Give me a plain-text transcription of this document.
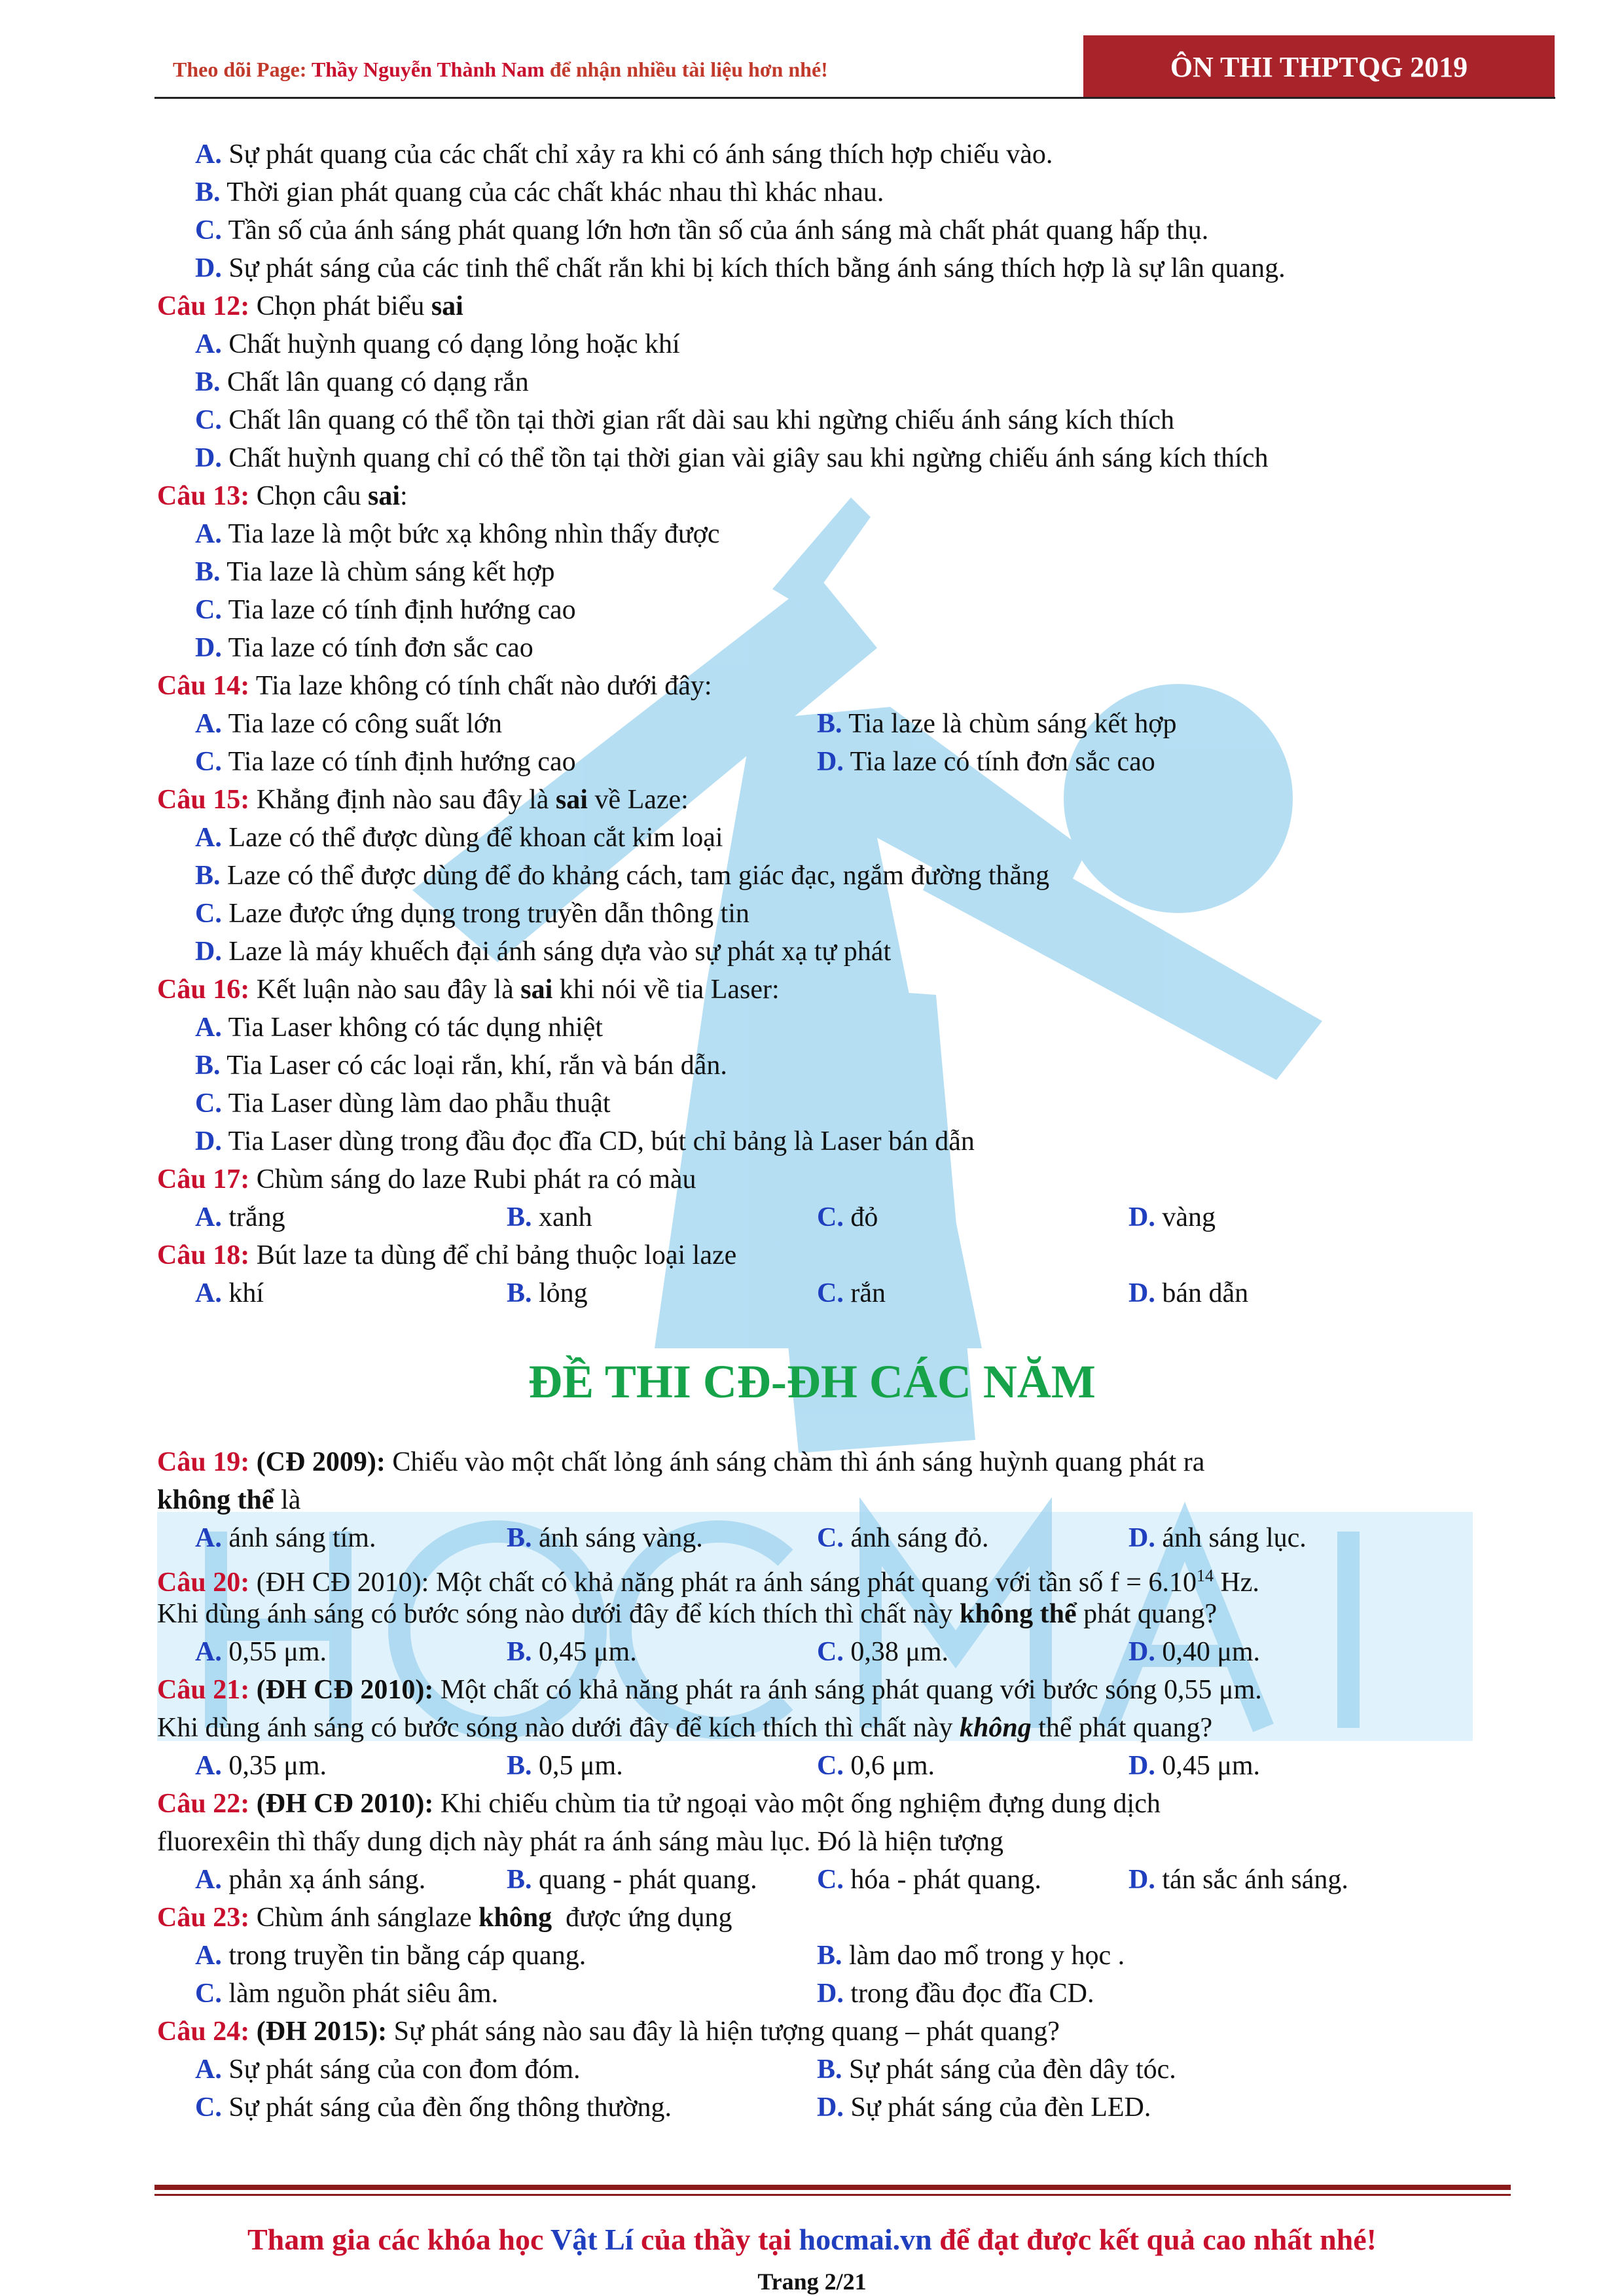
Theo dõi Page: Thầy Nguyễn Thành Nam để nhận nhiều tài liệu hơn nhé!	ÔN THI THPTQG 2019
A. Sự phát quang của các chất chỉ xảy ra khi có ánh sáng thích hợp chiếu vào.
B. Thời gian phát quang của các chất khác nhau thì khác nhau.
C. Tần số của ánh sáng phát quang lớn hơn tần số của ánh sáng mà chất phát quang hấp thụ.
D. Sự phát sáng của các tinh thể chất rắn khi bị kích thích bằng ánh sáng thích hợp là sự lân quang.
Câu 12: Chọn phát biểu sai
A. Chất huỳnh quang có dạng lỏng hoặc khí
B. Chất lân quang có dạng rắn
C. Chất lân quang có thể tồn tại thời gian rất dài sau khi ngừng chiếu ánh sáng kích thích
D. Chất huỳnh quang chỉ có thể tồn tại thời gian vài giây sau khi ngừng chiếu ánh sáng kích thích
Câu 13: Chọn câu sai:
A. Tia laze là một bức xạ không nhìn thấy được
B. Tia laze là chùm sáng kết hợp
C. Tia laze có tính định hướng cao
D. Tia laze có tính đơn sắc cao
Câu 14: Tia laze không có tính chất nào dưới đây:
A. Tia laze có công suất lớn	B. Tia laze là chùm sáng kết hợp
C. Tia laze có tính định hướng cao	D. Tia laze có tính đơn sắc cao
Câu 15: Khẳng định nào sau đây là sai về Laze:
A. Laze có thể được dùng để khoan cắt kim loại
B. Laze có thể được dùng để đo khảng cách, tam giác đạc, ngắm đường thẳng
C. Laze được ứng dụng trong truyền dẫn thông tin
D. Laze là máy khuếch đại ánh sáng dựa vào sự phát xạ tự phát
Câu 16: Kết luận nào sau đây là sai khi nói về tia Laser:
A. Tia Laser không có tác dụng nhiệt
B. Tia Laser có các loại rắn, khí, rắn và bán dẫn.
C. Tia Laser dùng làm dao phẫu thuật
D. Tia Laser dùng trong đầu đọc đĩa CD, bút chỉ bảng là Laser bán dẫn
Câu 17: Chùm sáng do laze Rubi phát ra có màu
A. trắng	B. xanh	C. đỏ	D. vàng
Câu 18: Bút laze ta dùng để chỉ bảng thuộc loại laze
A. khí	B. lỏng	C. rắn	D. bán dẫn
ĐỀ THI CĐ-ĐH CÁC NĂM
Câu 19: (CĐ 2009): Chiếu vào một chất lỏng ánh sáng chàm thì ánh sáng huỳnh quang phát ra
không thể là
A. ánh sáng tím.	B. ánh sáng vàng.	C. ánh sáng đỏ.	D. ánh sáng lục.
Câu 20: (ĐH CĐ 2010): Một chất có khả năng phát ra ánh sáng phát quang với tần số $f = 6.10^{14}$ Hz.
Khi dùng ánh sáng có bước sóng nào dưới đây để kích thích thì chất này không thể phát quang?
A. 0,55 μm.	B. 0,45 μm.	C. 0,38 μm.	D. 0,40 μm.
Câu 21: (ĐH CĐ 2010): Một chất có khả năng phát ra ánh sáng phát quang với bước sóng 0,55 μm.
Khi dùng ánh sáng có bước sóng nào dưới đây để kích thích thì chất này không thể phát quang?
A. 0,35 μm.	B. 0,5 μm.	C. 0,6 μm.	D. 0,45 μm.
Câu 22: (ĐH CĐ 2010): Khi chiếu chùm tia tử ngoại vào một ống nghiệm đựng dung dịch
fluorexêin thì thấy dung dịch này phát ra ánh sáng màu lục. Đó là hiện tượng
A. phản xạ ánh sáng.	B. quang - phát quang. C. hóa - phát quang.	D. tán sắc ánh sáng.
Câu 23: Chùm ánh sánglaze không  được ứng dụng
A. trong truyền tin bằng cáp quang.	B. làm dao mổ trong y học .
C. làm nguồn phát siêu âm.	D. trong đầu đọc đĩa CD.
Câu 24: (ĐH 2015): Sự phát sáng nào sau đây là hiện tượng quang – phát quang?
A. Sự phát sáng của con đom đóm.	B. Sự phát sáng của đèn dây tóc.
C. Sự phát sáng của đèn ống thông thường.	D. Sự phát sáng của đèn LED.
Tham gia các khóa học Vật Lí của thầy tại hocmai.vn để đạt được kết quả cao nhất nhé!
Trang 2/21
